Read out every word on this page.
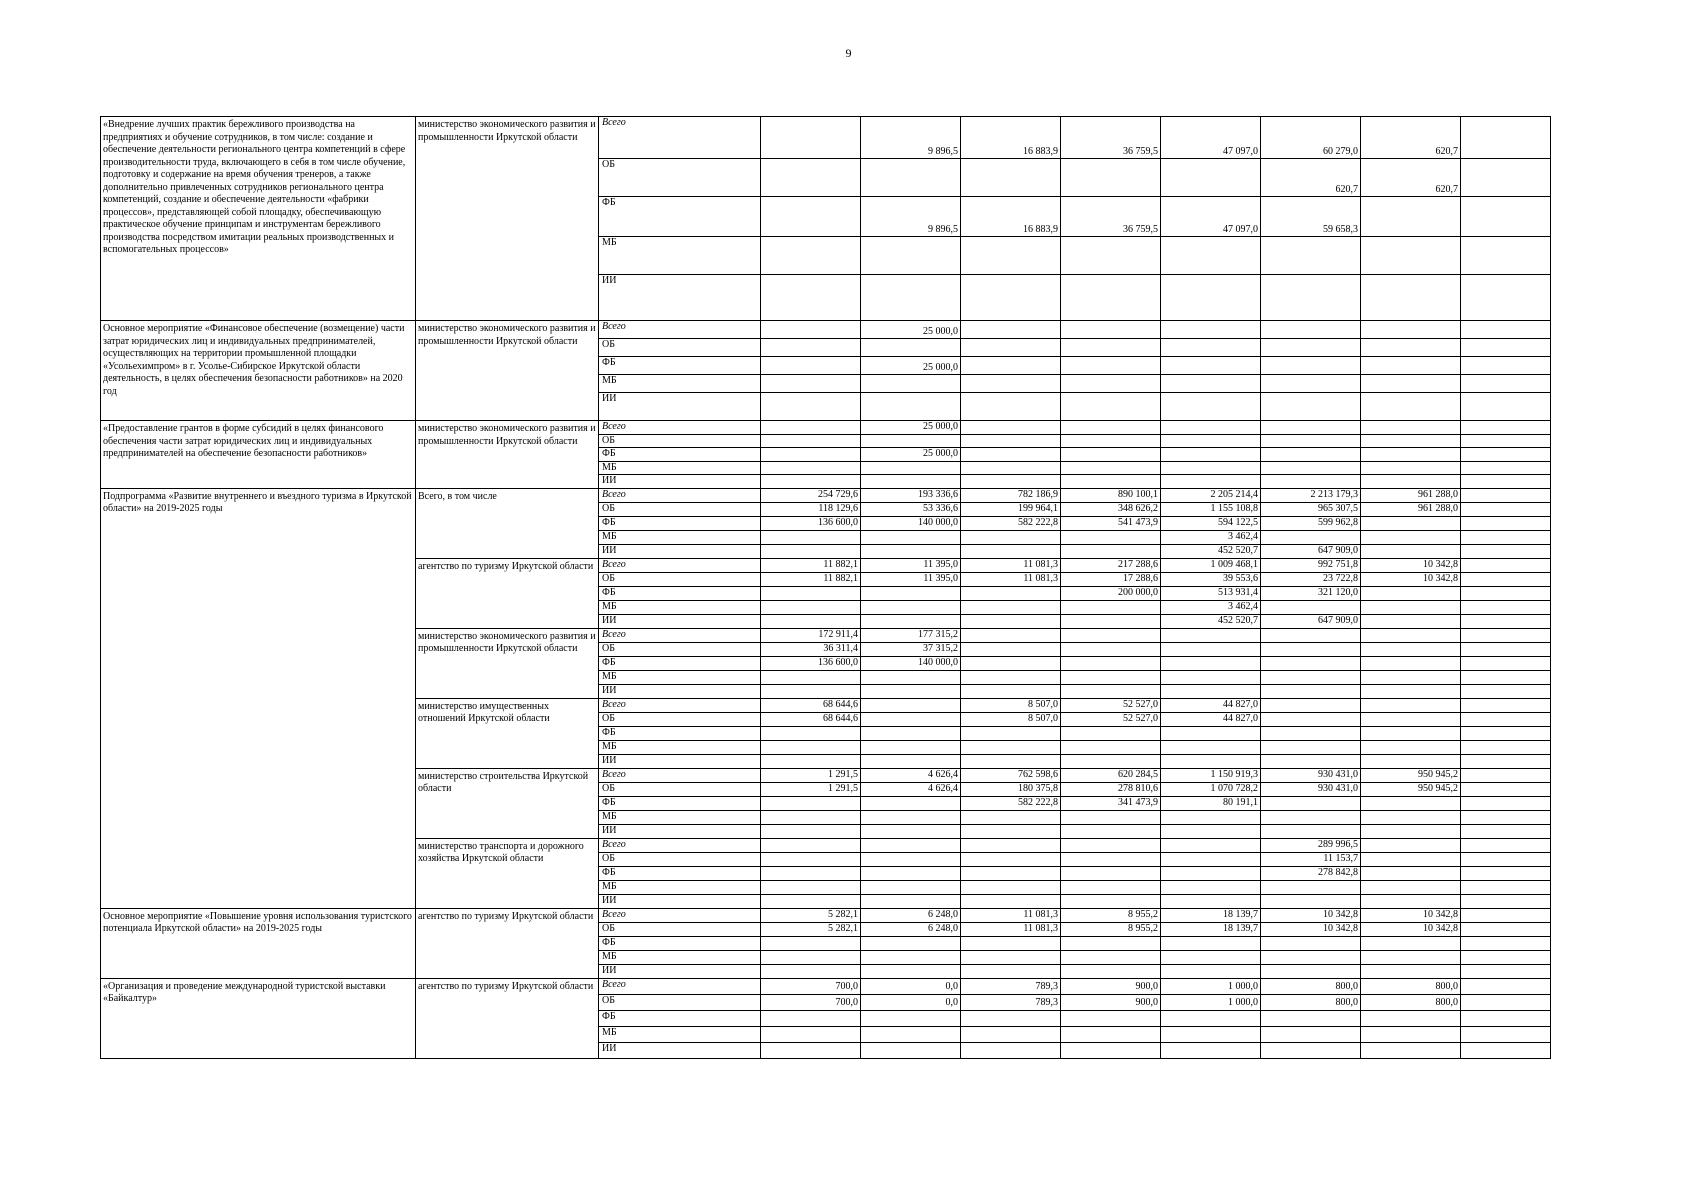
9
«Внедрение лучших практик бережливого производства на предприятиях и обучение сотрудников, в том числе: создание и обеспечение деятельности регионального центра компетенций в сфере производительности труда, включающего в себя в том числе обучение, подготовку и содержание на время обучения тренеров, а также дополнительно привлеченных сотрудников регионального центра компетенций, создание и обеспечение деятельности «фабрики процессов», представляющей собой площадку, обеспечивающую практическое обучение принципам и инструментам бережливого производства посредством имитации реальных производственных и вспомогательных процессов»	министерство экономического развития и промышленности Иркутской области	Всего		9 896,5	16 883,9	36 759,5	47 097,0	60 279,0	620,7	
		ОБ						620,7	620,7	
		ФБ		9 896,5	16 883,9	36 759,5	47 097,0	59 658,3		
		МБ								
		ИИ								
Основное мероприятие «Финансовое обеспечение (возмещение) части затрат юридических лиц и индивидуальных предпринимателей, осуществляющих на территории промышленной площадки «Усольехимпром» в г. Усолье-Сибирское Иркутской области деятельность, в целях обеспечения безопасности работников» на 2020 год	министерство экономического развития и промышленности Иркутской области	Всего		25 000,0						
		ОБ								
		ФБ		25 000,0						
		МБ								
		ИИ								
«Предоставление грантов в форме субсидий в целях финансового обеспечения части затрат юридических лиц и индивидуальных предпринимателей на обеспечение безопасности работников»	министерство экономического развития и промышленности Иркутской области	Всего		25 000,0						
		ОБ								
		ФБ		25 000,0						
		МБ								
		ИИ								
Подпрограмма «Развитие внутреннего и въездного туризма в Иркутской области» на 2019-2025 годы	Всего, в том числе	Всего	254 729,6	193 336,6	782 186,9	890 100,1	2 205 214,4	2 213 179,3	961 288,0	
		ОБ	118 129,6	53 336,6	199 964,1	348 626,2	1 155 108,8	965 307,5	961 288,0	
		ФБ	136 600,0	140 000,0	582 222,8	541 473,9	594 122,5	599 962,8		
		МБ					3 462,4			
		ИИ					452 520,7	647 909,0		
	агентство по туризму Иркутской области	Всего	11 882,1	11 395,0	11 081,3	217 288,6	1 009 468,1	992 751,8	10 342,8	
		ОБ	11 882,1	11 395,0	11 081,3	17 288,6	39 553,6	23 722,8	10 342,8	
		ФБ				200 000,0	513 931,4	321 120,0		
		МБ					3 462,4			
		ИИ					452 520,7	647 909,0		
	министерство экономического развития и промышленности Иркутской области	Всего	172 911,4	177 315,2						
		ОБ	36 311,4	37 315,2						
		ФБ	136 600,0	140 000,0						
		МБ								
		ИИ								
	министерство имущественных отношений Иркутской области	Всего	68 644,6		8 507,0	52 527,0	44 827,0			
		ОБ	68 644,6		8 507,0	52 527,0	44 827,0			
		ФБ								
		МБ								
		ИИ								
	министерство строительства Иркутской области	Всего	1 291,5	4 626,4	762 598,6	620 284,5	1 150 919,3	930 431,0	950 945,2	
		ОБ	1 291,5	4 626,4	180 375,8	278 810,6	1 070 728,2	930 431,0	950 945,2	
		ФБ			582 222,8	341 473,9	80 191,1			
		МБ								
		ИИ								
	министерство транспорта и дорожного хозяйства Иркутской области	Всего						289 996,5		
		ОБ						11 153,7		
		ФБ						278 842,8		
		МБ								
		ИИ								
Основное мероприятие «Повышение уровня использования туристского потенциала Иркутской области» на 2019-2025 годы	агентство по туризму Иркутской области	Всего	5 282,1	6 248,0	11 081,3	8 955,2	18 139,7	10 342,8	10 342,8	
		ОБ	5 282,1	6 248,0	11 081,3	8 955,2	18 139,7	10 342,8	10 342,8	
		ФБ								
		МБ								
		ИИ								
«Организация и проведение международной туристской выставки «Байкалтур»	агентство по туризму Иркутской области	Всего	700,0	0,0	789,3	900,0	1 000,0	800,0	800,0	
		ОБ	700,0	0,0	789,3	900,0	1 000,0	800,0	800,0	
		ФБ								
		МБ								
		ИИ								
